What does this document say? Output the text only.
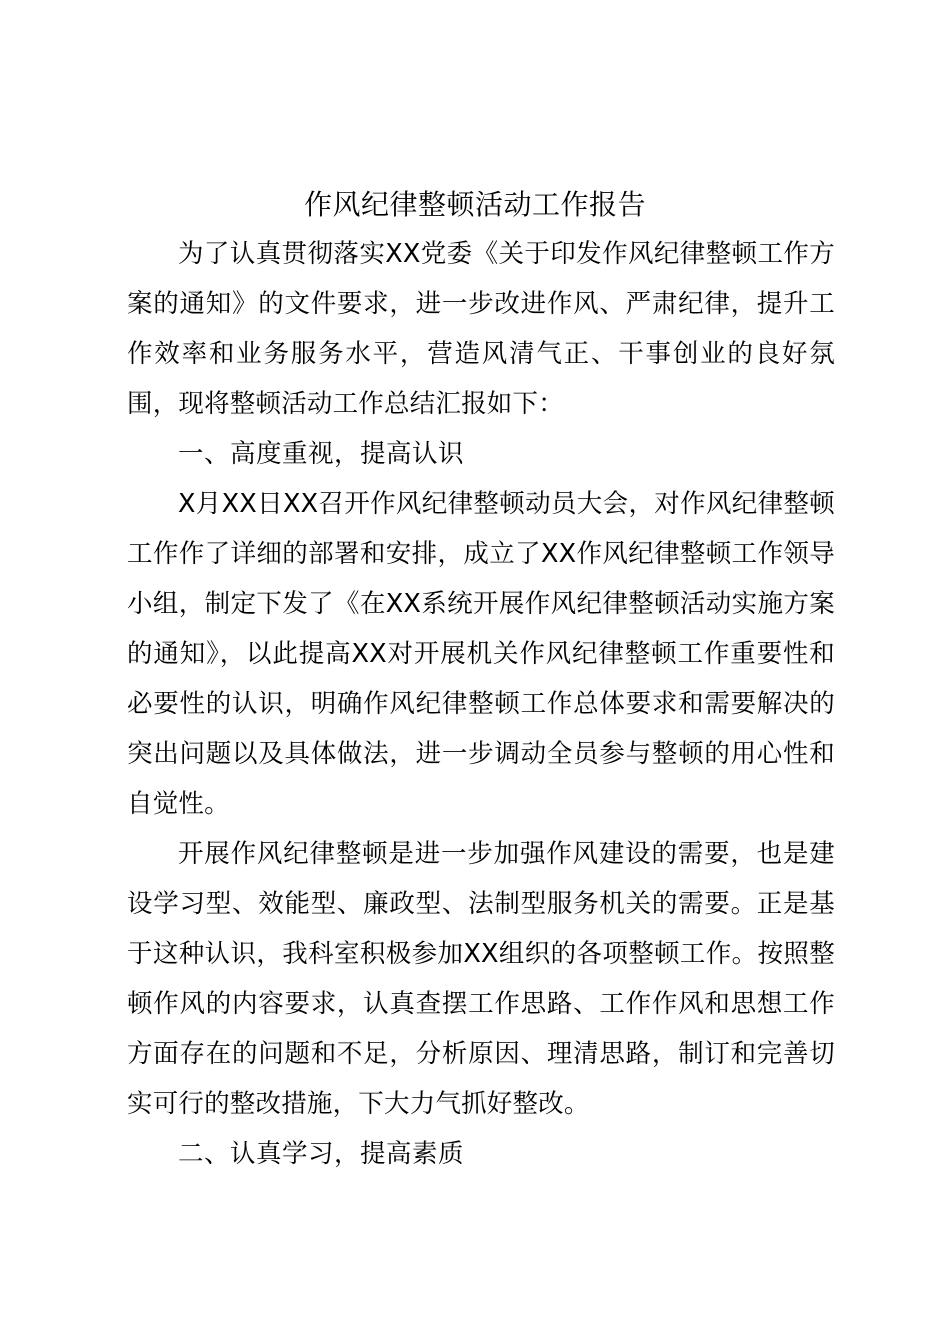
作风纪律整顿活动工作报告

为了认真贯彻落实XX党委《关于印发作风纪律整顿工作方案的通知》的文件要求，进一步改进作风、严肃纪律，提升工作效率和业务服务水平，营造风清气正、干事创业的良好氛围，现将整顿活动工作总结汇报如下：

一、高度重视，提高认识

X月XX日XX召开作风纪律整顿动员大会，对作风纪律整顿工作作了详细的部署和安排，成立了XX作风纪律整顿工作领导小组，制定下发了《在XX系统开展作风纪律整顿活动实施方案的通知》，以此提高XX对开展机关作风纪律整顿工作重要性和必要性的认识，明确作风纪律整顿工作总体要求和需要解决的突出问题以及具体做法，进一步调动全员参与整顿的用心性和自觉性。

开展作风纪律整顿是进一步加强作风建设的需要，也是建设学习型、效能型、廉政型、法制型服务机关的需要。正是基于这种认识，我科室积极参加XX组织的各项整顿工作。按照整顿作风的内容要求，认真查摆工作思路、工作作风和思想工作方面存在的问题和不足，分析原因、理清思路，制订和完善切实可行的整改措施，下大力气抓好整改。

二、认真学习，提高素质
